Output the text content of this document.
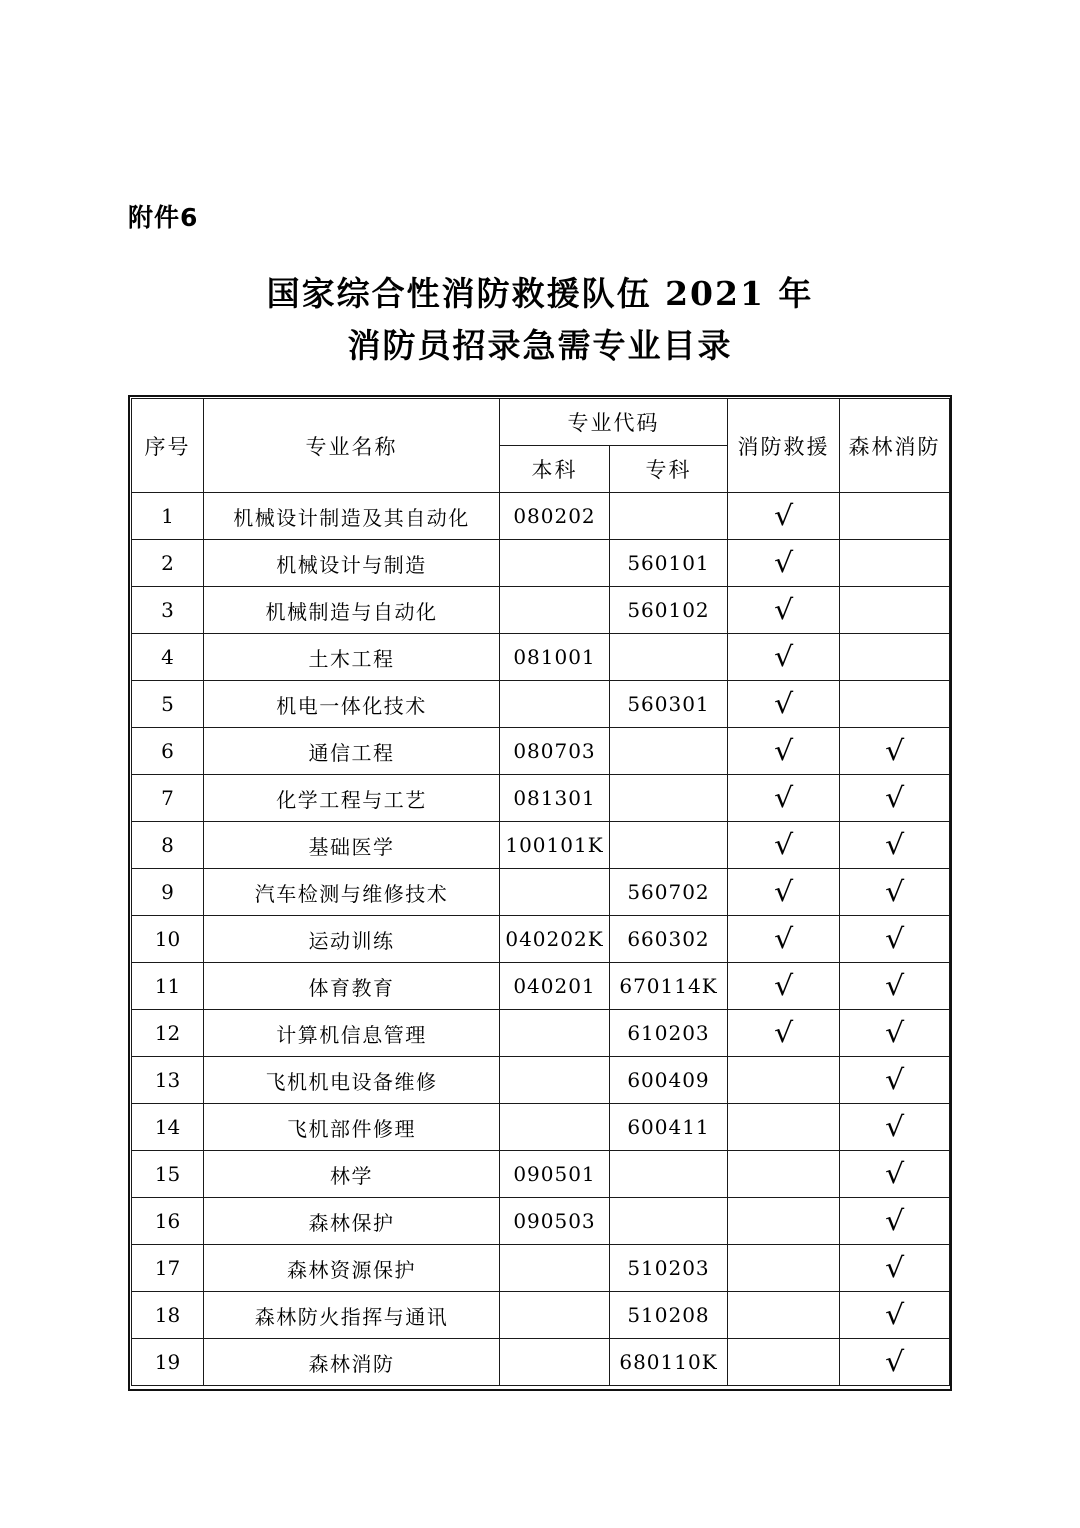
附件6
国家综合性消防救援队伍 2021 年
消防员招录急需专业目录
序号	专业名称	专业代码		消防救援	森林消防
		本科	专科		
1	机械设计制造及其自动化	080202		√	
2	机械设计与制造		560101	√	
3	机械制造与自动化		560102	√	
4	土木工程	081001		√	
5	机电一体化技术		560301	√	
6	通信工程	080703		√	√
7	化学工程与工艺	081301		√	√
8	基础医学	100101K		√	√
9	汽车检测与维修技术		560702	√	√
10	运动训练	040202K	660302	√	√
11	体育教育	040201	670114K	√	√
12	计算机信息管理		610203	√	√
13	飞机机电设备维修		600409		√
14	飞机部件修理		600411		√
15	林学	090501			√
16	森林保护	090503			√
17	森林资源保护		510203		√
18	森林防火指挥与通讯		510208		√
19	森林消防		680110K		√
